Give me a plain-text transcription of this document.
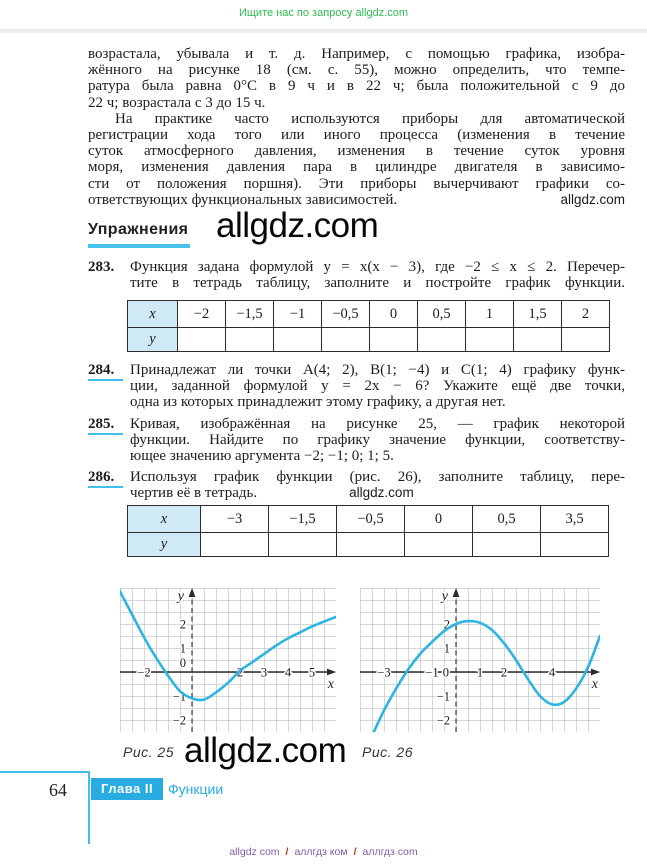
Ищите нас по запросу allgdz.com
возрастала, убывала и т. д. Например, с помощью графика, изобра-
жённого на рисунке 18 (см. с. 55), можно определить, что темпе-
ратура была равна 0°С в 9 ч и в 22 ч; была положительной с 9 до
22 ч; возрастала с 3 до 15 ч.
На практике часто используются приборы для автоматической
регистрации хода того или иного процесса (изменения в течение
суток атмосферного давления, изменения в течение суток уровня
моря, изменения давления пара в цилиндре двигателя в зависимо-
сти от положения поршня). Эти приборы вычерчивают графики со-
ответствующих функциональных зависимостей.	allgdz.com
Упражнения allgdz.com
283. Функция задана формулой y = x(x − 3), где −2 ≤ x ≤ 2. Перечер-
тите в тетрадь таблицу, заполните и постройте график функции.
x	−2	−1,5	−1	−0,5	0	0,5	1	1,5	2
y									
284. Принадлежат ли точки A(4; 2), B(1; −4) и C(1; 4) графику функ-
ции, заданной формулой y = 2x − 6? Укажите ещё две точки,
одна из которых принадлежит этому графику, а другая нет.
285. Кривая, изображённая на рисунке 25, — график некоторой
функции. Найдите по графику значение функции, соответству-
ющее значению аргумента −2; −1; 0; 1; 5.
286. Используя график функции (рис. 26), заполните таблицу, пере-
чертив её в тетрадь.	allgdz.com
x	−3	−1,5	−0,5	0	0,5	3,5
y						
−2	2 3 4 5
2
1
0
−1
−2
y
x
−3	−1 0 1 2	4
2
1
−1
−2
y
x
Рис. 25 allgdz.com Рис. 26
64	Глава II	Функции
allgdz com / аллгдз ком / аллгдз com
